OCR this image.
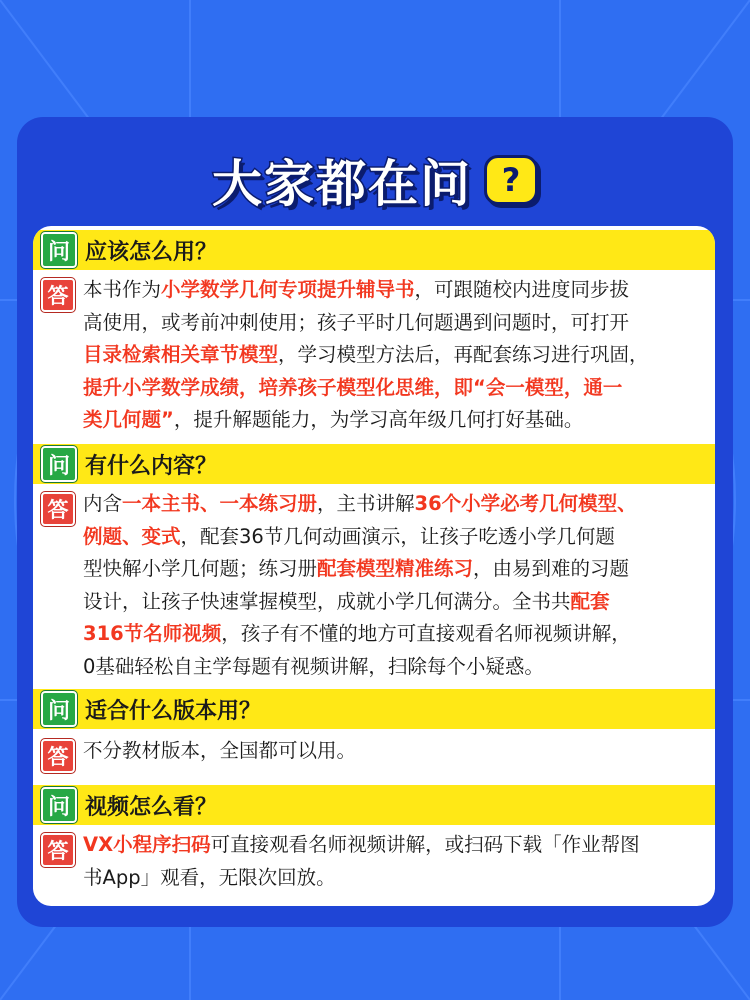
大家都在问 ?
问 应该怎么用？
答 本书作为小学数学几何专项提升辅导书，可跟随校内进度同步拔
高使用，或考前冲刺使用；孩子平时几何题遇到问题时，可打开
目录检索相关章节模型，学习模型方法后，再配套练习进行巩固，
提升小学数学成绩，培养孩子模型化思维，即“会一模型，通一
类几何题”，提升解题能力，为学习高年级几何打好基础。
问 有什么内容？
答 内含一本主书、一本练习册，主书讲解36个小学必考几何模型、
例题、变式，配套36节几何动画演示，让孩子吃透小学几何题
型快解小学几何题；练习册配套模型精准练习，由易到难的习题
设计，让孩子快速掌握模型，成就小学几何满分。全书共配套
316节名师视频，孩子有不懂的地方可直接观看名师视频讲解，
0基础轻松自主学每题有视频讲解，扫除每个小疑惑。
问 适合什么版本用？
答 不分教材版本，全国都可以用。
问 视频怎么看？
答 VX小程序扫码可直接观看名师视频讲解，或扫码下载「作业帮图
书App」观看，无限次回放。
